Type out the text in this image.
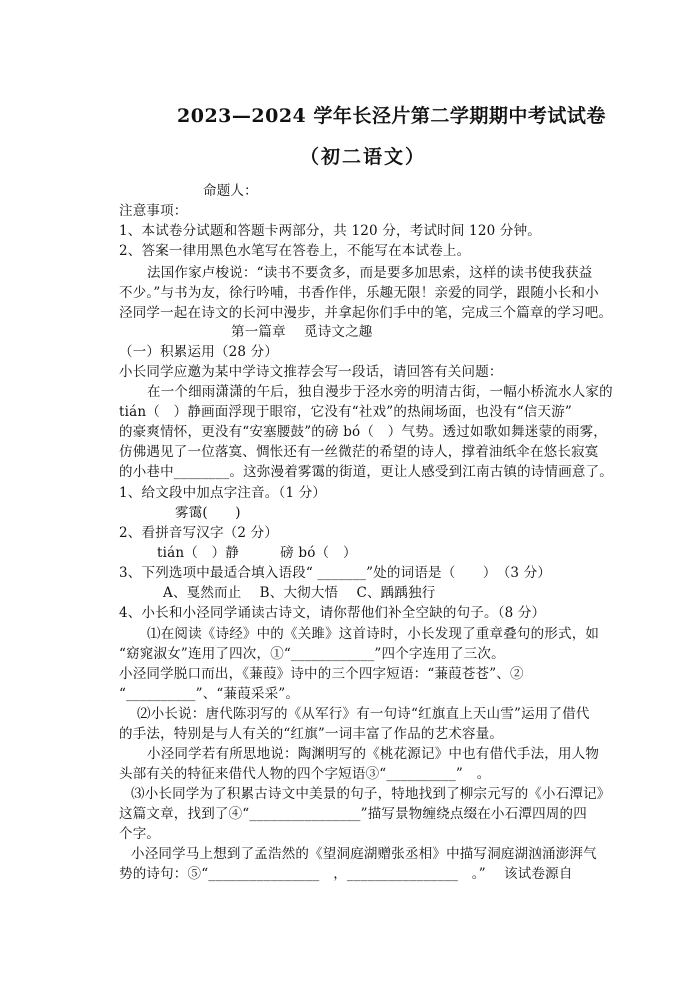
2023—2024 学年长泾片第二学期期中考试试卷
（初二语文）
命题人：
注意事项：
1、本试卷分试题和答题卡两部分，共 120 分，考试时间 120 分钟。
2、答案一律用黑色水笔写在答卷上，不能写在本试卷上。
法国作家卢梭说：“读书不要贪多，而是要多加思索，这样的读书使我获益
不少。”与书为友，徐行吟哺，书香作伴，乐趣无限！亲爱的同学，跟随小长和小
泾同学一起在诗文的长河中漫步，并拿起你们手中的笔，完成三个篇章的学习吧。
第一篇章　 觅诗文之趣
（一）积累运用（28 分）
小长同学应邀为某中学诗文推荐会写一段话，请回答有关问题：
在一个细雨潇潇的午后，独自漫步于泾水旁的明清古街，一幅小桥流水人家的
tián（　）静画面浮现于眼帘，它没有“社戏”的热闹场面，也没有“信天游”
的豪爽情怀，更没有“安塞腰鼓”的磅 bó（　）气势。透过如歌如舞迷蒙的雨雾，
仿佛遇见了一位落寞、惆怅还有一丝微茫的希望的诗人，撑着油纸伞在悠长寂寞
的小巷中________。这弥漫着雾霭的街道，更让人感受到江南古镇的诗情画意了。
1、给文段中加点字注音。（1 分）
雾霭(　　)
2、看拼音写汉字（2 分）
tián（　）静　　　磅 bó（　）
3、下列选项中最适合填入语段“ _______”处的词语是（　　）　（3 分）
A、戛然而止　 B、大彻大悟　 C、踽踽独行
4、小长和小泾同学诵读古诗文，请你帮他们补全空缺的句子。（8 分）
⑴在阅读《诗经》中的《关雎》这首诗时，小长发现了重章叠句的形式，如
“窈窕淑女”连用了四次，①“____________”四个字连用了三次。
小泾同学脱口而出，《蒹葭》诗中的三个四字短语：“蒹葭苍苍”、②
“__________”、“蒹葭采采”。
⑵小长说：唐代陈羽写的《从军行》有一句诗“红旗直上天山雪”运用了借代
的手法，特别是与人有关的“红旗”一词丰富了作品的艺术容量。
小泾同学若有所思地说：陶渊明写的《桃花源记》中也有借代手法，用人物
头部有关的特征来借代人物的四个字短语③“__________”　。
⑶小长同学为了积累古诗文中美景的句子，特地找到了柳宗元写的《小石潭记》
这篇文章，找到了④“________________”描写景物缠绕点缀在小石潭四周的四
个字。
小泾同学马上想到了孟浩然的《望洞庭湖赠张丞相》中描写洞庭湖汹涌澎湃气
势的诗句：⑤“________________　，________________　。”　 该试卷源自
